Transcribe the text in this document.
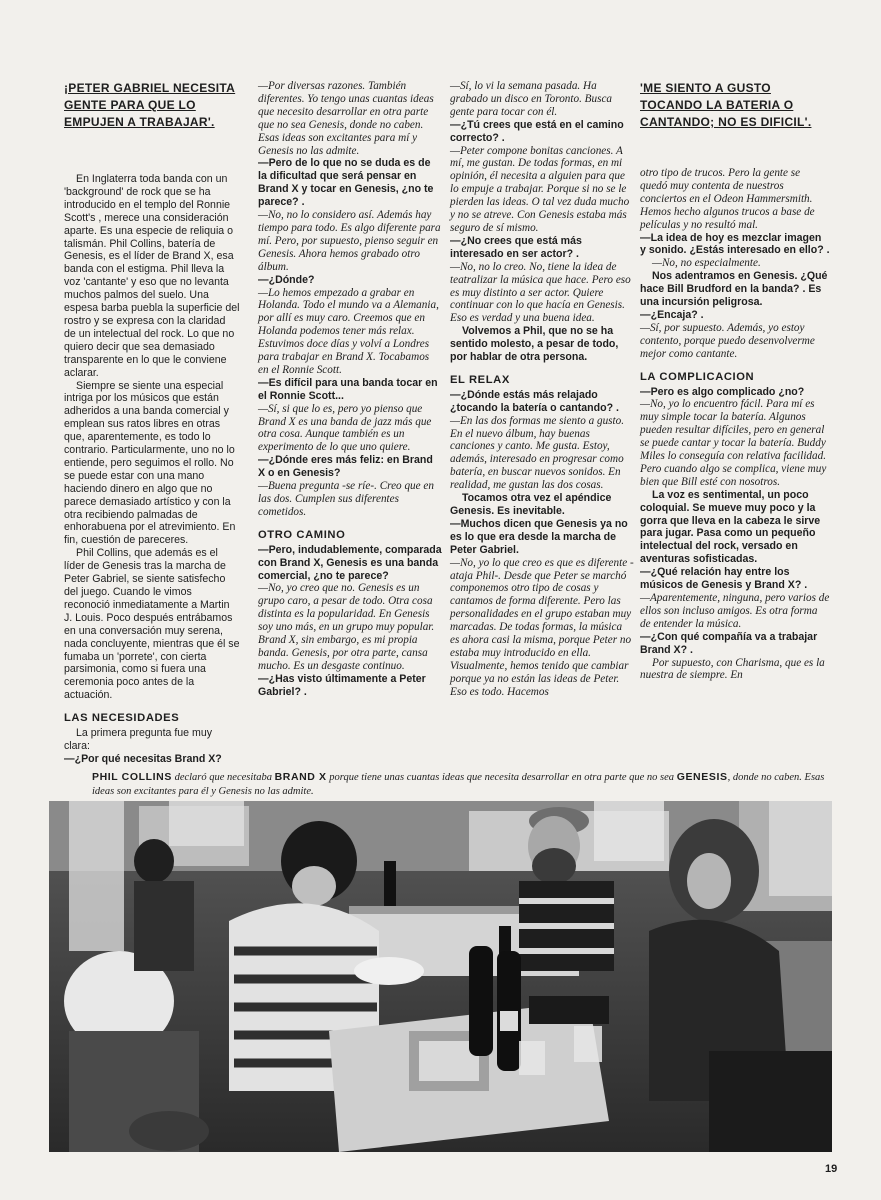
¡PETER GABRIEL NECESITA GENTE PARA QUE LO EMPUJEN A TRABAJAR'.

En Inglaterra toda banda con un 'background' de rock que se ha introducido en el templo del Ronnie Scott's , merece una consideración aparte. Es una especie de reliquia o talismán. Phil Collins, batería de Genesis, es el líder de Brand X, esa banda con el estigma. Phil lleva la voz 'cantante' y eso que no levanta muchos palmos del suelo. Una espesa barba puebla la superficie del rostro y se expresa con la claridad de un intelectual del rock. Lo que no quiero decir que sea demasiado transparente en lo que le conviene aclarar.

Siempre se siente una especial intriga por los músicos que están adheridos a una banda comercial y emplean sus ratos libres en otras que, aparentemente, es todo lo contrario. Particularmente, uno no lo entiende, pero seguimos el rollo. No se puede estar con una mano haciendo dinero en algo que no parece demasiado artístico y con la otra recibiendo palmadas de enhorabuena por el atrevimiento. En fin, cuestión de pareceres.

Phil Collins, que además es el líder de Genesis tras la marcha de Peter Gabriel, se siente satisfecho del juego. Cuando le vimos reconoció inmediatamente a Martin J. Louis. Poco después entrábamos en una conversación muy serena, nada concluyente, mientras que él se fumaba un 'porrete', con cierta parsimonia, como si fuera una ceremonia poco antes de la actuación.

LAS NECESIDADES

La primera pregunta fue muy clara:

—¿Por qué necesitas Brand X?

—Por diversas razones. También diferentes. Yo tengo unas cuantas ideas que necesito desarrollar en otra parte que no sea Genesis, donde no caben. Esas ideas son excitantes para mí y Genesis no las admite.

—Pero de lo que no se duda es de la dificultad que será pensar en Brand X y tocar en Genesis, ¿no te parece? .

—No, no lo considero así. Además hay tiempo para todo. Es algo diferente para mí. Pero, por supuesto, pienso seguir en Genesis. Ahora hemos grabado otro álbum.

—¿Dónde?

—Lo hemos empezado a grabar en Holanda. Todo el mundo va a Alemania, por allí es muy caro. Creemos que en Holanda podemos tener más relax. Estuvimos doce días y volví a Londres para trabajar en Brand X. Tocabamos en el Ronnie Scott.

—Es difícil para una banda tocar en el Ronnie Scott...

—Sí, si que lo es, pero yo pienso que Brand X es una banda de jazz más que otra cosa. Aunque también es un experimento de lo que uno quiere.

—¿Dónde eres más feliz: en Brand X o en Genesis?

—Buena pregunta -se ríe-. Creo que en las dos. Cumplen sus diferentes cometidos.

OTRO CAMINO

—Pero, indudablemente, comparada con Brand X, Genesis es una banda comercial, ¿no te parece?

—No, yo creo que no. Genesis es un grupo caro, a pesar de todo. Otra cosa distinta es la popularidad. En Genesis soy uno más, en un grupo muy popular. Brand X, sin embargo, es mi propia banda. Genesis, por otra parte, cansa mucho. Es un desgaste continuo.

—¿Has visto últimamente a Peter Gabriel? .

—Sí, lo vi la semana pasada. Ha grabado un disco en Toronto. Busca gente para tocar con él.

—¿Tú crees que está en el camino correcto? .

—Peter compone bonitas canciones. A mí, me gustan. De todas formas, en mi opinión, él necesita a alguien para que lo empuje a trabajar. Porque si no se le pierden las ideas. O tal vez duda mucho y no se atreve. Con Genesis estaba más seguro de sí mismo.

—¿No crees que está más interesado en ser actor? .

—No, no lo creo. No, tiene la idea de teatralizar la música que hace. Pero eso es muy distinto a ser actor. Quiere continuar con lo que hacía en Genesis. Eso es verdad y una buena idea.

Volvemos a Phil, que no se ha sentido molesto, a pesar de todo, por hablar de otra persona.

EL RELAX

—¿Dónde estás más relajado ¿tocando la batería o cantando? .

—En las dos formas me siento a gusto. En el nuevo álbum, hay buenas canciones y canto. Me gusta. Estoy, además, interesado en progresar como batería, en buscar nuevos sonidos. En realidad, me gustan las dos cosas.

Tocamos otra vez el apéndice Genesis. Es inevitable.

—Muchos dicen que Genesis ya no es lo que era desde la marcha de Peter Gabriel.

—No, yo lo que creo es que es diferente -ataja Phil-. Desde que Peter se marchó componemos otro tipo de cosas y cantamos de forma diferente. Pero las personalidades en el grupo estaban muy marcadas. De todas formas, la música es ahora casi la misma, porque Peter no estaba muy introducido en ella. Visualmente, hemos tenido que cambiar porque ya no están las ideas de Peter. Eso es todo. Hacemos

'ME SIENTO A GUSTO TOCANDO LA BATERIA O CANTANDO; NO ES DIFICIL'.

otro tipo de trucos. Pero la gente se quedó muy contenta de nuestros conciertos en el Odeon Hammersmith. Hemos hecho algunos trucos a base de películas y no resultó mal.

—La idea de hoy es mezclar imagen y sonido. ¿Estás interesado en ello? .

—No, no especialmente.

Nos adentramos en Genesis. ¿Qué hace Bill Brudford en la banda? . Es una incursión peligrosa.

—¿Encaja? .

—Sí, por supuesto. Además, yo estoy contento, porque puedo desenvolverme mejor como cantante.

LA COMPLICACION

—Pero es algo complicado ¿no?

—No, yo lo encuentro fácil. Para mí es muy simple tocar la batería. Algunos pueden resultar difíciles, pero en general se puede cantar y tocar la batería. Buddy Miles lo conseguía con relativa facilidad. Pero cuando algo se complica, viene muy bien que Bill esté con nosotros.

La voz es sentimental, un poco coloquial. Se mueve muy poco y la gorra que lleva en la cabeza le sirve para jugar. Pasa como un pequeño intelectual del rock, versado en aventuras sofisticadas.

—¿Qué relación hay entre los músicos de Genesis y Brand X? .

—Aparentemente, ninguna, pero varios de ellos son incluso amigos. Es otra forma de entender la música.

—¿Con qué compañía va a trabajar Brand X? .

Por supuesto, con Charisma, que es la nuestra de siempre. En

PHIL COLLINS declaró que necesitaba BRAND X porque tiene unas cuantas ideas que necesita desarrollar en otra parte que no sea GENESIS, donde no caben. Esas ideas son excitantes para él y Genesis no las admite.
19
